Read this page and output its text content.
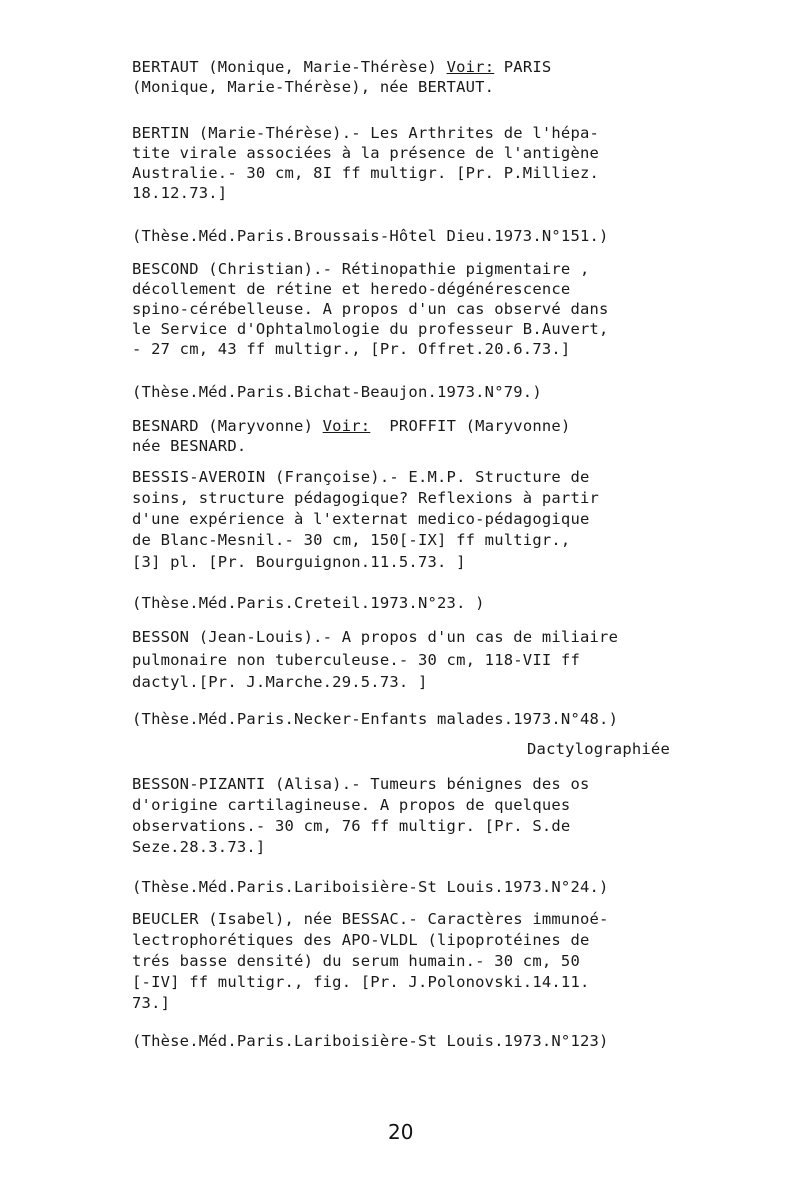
BERTAUT (Monique, Marie-Thérèse) Voir: PARIS
(Monique, Marie-Thérèse), née BERTAUT.
BERTIN (Marie-Thérèse).- Les Arthrites de l'hépa-
tite virale associées à la présence de l'antigène
Australie.- 30 cm, 8I ff multigr. [Pr. P.Milliez.
18.12.73.]
(Thèse.Méd.Paris.Broussais-Hôtel Dieu.1973.N°151.)
BESCOND (Christian).- Rétinopathie pigmentaire ,
décollement de rétine et heredo-dégénérescence
spino-cérébelleuse. A propos d'un cas observé dans
le Service d'Ophtalmologie du professeur B.Auvert,
- 27 cm, 43 ff multigr., [Pr. Offret.20.6.73.]
(Thèse.Méd.Paris.Bichat-Beaujon.1973.N°79.)
BESNARD (Maryvonne) Voir:  PROFFIT (Maryvonne)
née BESNARD.
BESSIS-AVEROIN (Françoise).- E.M.P. Structure de
soins, structure pédagogique? Reflexions à partir
d'une expérience à l'externat medico-pédagogique
de Blanc-Mesnil.- 30 cm, 150[-IX] ff multigr.,
[3] pl. [Pr. Bourguignon.11.5.73. ]
(Thèse.Méd.Paris.Creteil.1973.N°23. )
BESSON (Jean-Louis).- A propos d'un cas de miliaire
pulmonaire non tuberculeuse.- 30 cm, 118-VII ff
dactyl.[Pr. J.Marche.29.5.73. ]
(Thèse.Méd.Paris.Necker-Enfants malades.1973.N°48.)
Dactylographiée
BESSON-PIZANTI (Alisa).- Tumeurs bénignes des os
d'origine cartilagineuse. A propos de quelques
observations.- 30 cm, 76 ff multigr. [Pr. S.de
Seze.28.3.73.]
(Thèse.Méd.Paris.Lariboisière-St Louis.1973.N°24.)
BEUCLER (Isabel), née BESSAC.- Caractères immunoé-
lectrophorétiques des APO-VLDL (lipoprotéines de
trés basse densité) du serum humain.- 30 cm, 50
[-IV] ff multigr., fig. [Pr. J.Polonovski.14.11.
73.]
(Thèse.Méd.Paris.Lariboisière-St Louis.1973.N°123)
20
